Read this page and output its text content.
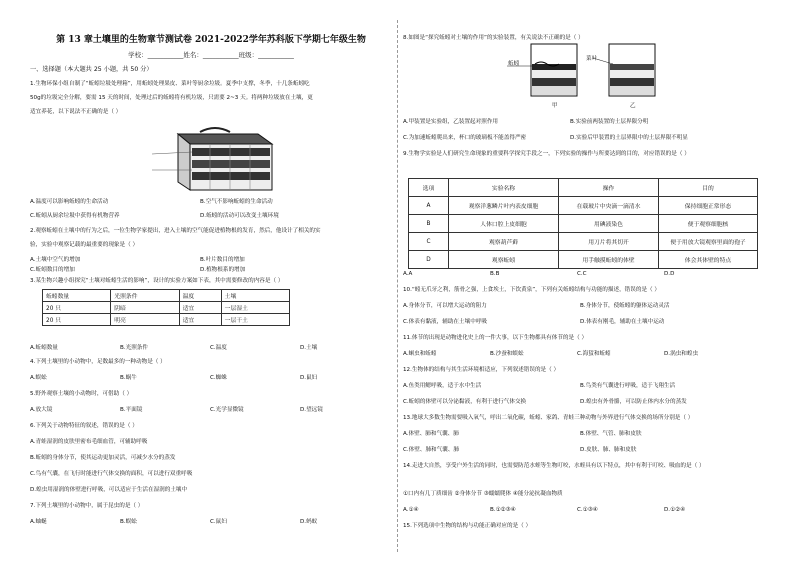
第 13 章土壤里的生物章节测试卷 2021-2022学年苏科版下学期七年级生物
学校：___________姓名：___________班级：___________
一、选择题（本大题共 25 小题，共 50 分）
1.生物环保小组自制了“蚯蚓垃圾处理箱”，用蚯蚓处理果皮、菜叶等厨余垃圾。夏季中支撑，冬季，十几条蚯蚓吃
50g的垃圾完全分解，要需 15 天的时间，处理过后的蚯蚓将有机垃圾，只需要 2~3 天。将两种垃圾放在土壤，更
适宜养花，以下说法不正确的是（ ）
A.温度可以影响蚯蚓的生命活动	B.空气不影响蚯蚓的生命活动
C.蚯蚓从厨余垃圾中获得有机物营养	D.蚯蚓的活动可以改变土壤环境
2.观察蚯蚓在土壤中的行为之后，一位生物学家提出，进入土壤的空气能促进植物根的发育，然后，他设计了相关的实
验，实验中观察记载的最重要的现象是（ ）
A.土壤中空气的增加	B.叶片数目的增加
C.蚯蚓数目的增加	D.植物根系的增加
3.某生物兴趣小组探究“土壤对蚯蚓生活的影响”，设计的实验方案如下表，其中需要修改的内容是（ ）
蚯蚓数量	光照条件	温度	土壤
20 只	阴暗	适宜	一层湿土
20 只	明亮	适宜	一层干土
A.蚯蚓数量	B.光照条件	C.温度	D.土壤
4.下列土壤里的小动物中，足数最多的一种动物是（ ）
A.蜈蚣	B.蜗牛	C.蜘蛛	D.鼠妇
5.野外观察土壤的小动物时，可借助（ ）
A.放大镜	B.平面镜	C.光学显微镜	D.望远镜
6.下列关于动物特征的叙述，错误的是（ ）
A.青蛙湿润的皮肤里密布毛细血管，可辅助呼吸
B.蚯蚓的身体分节，使其运动更加灵活，可减少水分的蒸发
C.鸟有气囊，在飞行时能进行气体交换的面积，可以进行双重呼吸
D.蝗虫用湿润的体壁进行呼吸，可以适应于生活在湿润的土壤中
7.下列土壤里的小动物中，属于昆虫的是（ ）
A.蚰蜒	B.蜈蚣	C.鼠妇	D.蚂蚁
8.如图是“探究蚯蚓对土壤的作用”的实验装置，有关说法不正确的是（ ）
蚯蚓
菜叶
甲	乙
A.甲装置是实验组，乙装置起对照作用	B.实验前两装置的土层界限分明
C.为加速蚯蚓爬出来，杯口的玻璃板不能盖得严密	D.实验后甲装置的土层界限中的土层界限不明显
9.生物学实验是人们研究生命现象的重要科学探究手段之一，下列实验的操作与所要达到的目的，对应错误的是（ ）
选项	实验名称	操作	目的
A	观察洋葱鳞片叶内表皮细胞	在载玻片中央滴一滴清水	保持细胞正常形态
B	人体口腔上皮细胞	用碘液染色	便于观察细胞核
C	观察葫芦藓	用刀片将其切开	便于用放大镜观察里面的孢子
D	观察蚯蚓	用手触摸蚯蚓的体壁	体会其体壁的特点
A.A	B.B	C.C	D.D
10.“蚓无爪牙之利，筋骨之强，上食埃土，下饮黄泉”，下列有关蚯蚓结构与功能的描述，错误的是（ ）
A.身体分节，可以增大运动的阻力	B.身体分节，使蚯蚓的躯体运动灵活
C.体表有黏液，辅助在土壤中呼吸	D.体表有刚毛，辅助在土壤中运动
11.体节的出现是动物进化史上的一件大事，以下生物都具有体节的是（ ）
A.蛔虫和蚯蚓	B.沙蚕和蜈蚣	C.海蜇和蚯蚓	D.涡虫和蝗虫
12.生物体的结构与其生活环境相适应，下列叙述错误的是（ ）
A.鱼类用鳃呼吸，适于水中生活	B.鸟类有气囊进行呼吸，适于飞翔生活
C.蚯蚓的体壁可以分泌黏液，有利于进行气体交换	D.蝗虫有外骨骼，可以防止体内水分的蒸发
13.地球大多数生物需要吸入氧气，呼出二氧化碳，蚯蚓、家鸽、青蛙三种动物与外界进行气体交换的场所分别是（ ）
A.体壁、肺和气囊、肺	B.体壁、气管、肺和皮肤
C.体壁、肺和气囊、肺	D.皮肤、肺、肺和皮肤
14.走进大自然，享受户外生活的同时，也需要防范水蛭等生物叮咬，水蛭具有以下特点，其中有利于叮咬、吸血的是（ ）
①口内有几丁质细齿 ②身体分节 ③蠕蠕爬体 ④能分泌抗凝血物质
A.①④	B.①②③④	C.①③④	D.①②④
15.下列选项中生物的结构与功能正确对应的是（ ）
